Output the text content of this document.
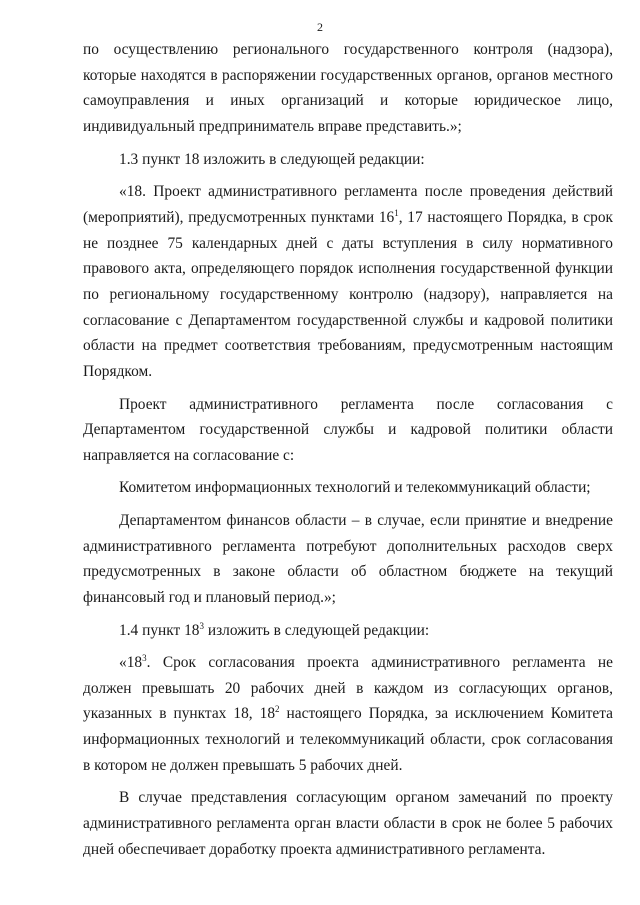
2

по осуществлению регионального государственного контроля (надзора), которые находятся в распоряжении государственных органов, органов местного самоуправления и иных организаций и которые юридическое лицо, индивидуальный предприниматель вправе представить.»;

1.3 пункт 18 изложить в следующей редакции:

«18. Проект административного регламента после проведения действий (мероприятий), предусмотренных пунктами $16^1$, 17 настоящего Порядка, в срок не позднее 75 календарных дней с даты вступления в силу нормативного правового акта, определяющего порядок исполнения государственной функции по региональному государственному контролю (надзору), направляется на согласование с Департаментом государственной службы и кадровой политики области на предмет соответствия требованиям, предусмотренным настоящим Порядком.

Проект административного регламента после согласования с Департаментом государственной службы и кадровой политики области направляется на согласование с:

Комитетом информационных технологий и телекоммуникаций области;

Департаментом финансов области – в случае, если принятие и внедрение административного регламента потребуют дополнительных расходов сверх предусмотренных в законе области об областном бюджете на текущий финансовый год и плановый период.»;

1.4 пункт $18^3$ изложить в следующей редакции:

«$18^3$. Срок согласования проекта административного регламента не должен превышать 20 рабочих дней в каждом из согласующих органов, указанных в пунктах 18, $18^2$ настоящего Порядка, за исключением Комитета информационных технологий и телекоммуникаций области, срок согласования в котором не должен превышать 5 рабочих дней.

В случае представления согласующим органом замечаний по проекту административного регламента орган власти области в срок не более 5 рабочих дней обеспечивает доработку проекта административного регламента.
